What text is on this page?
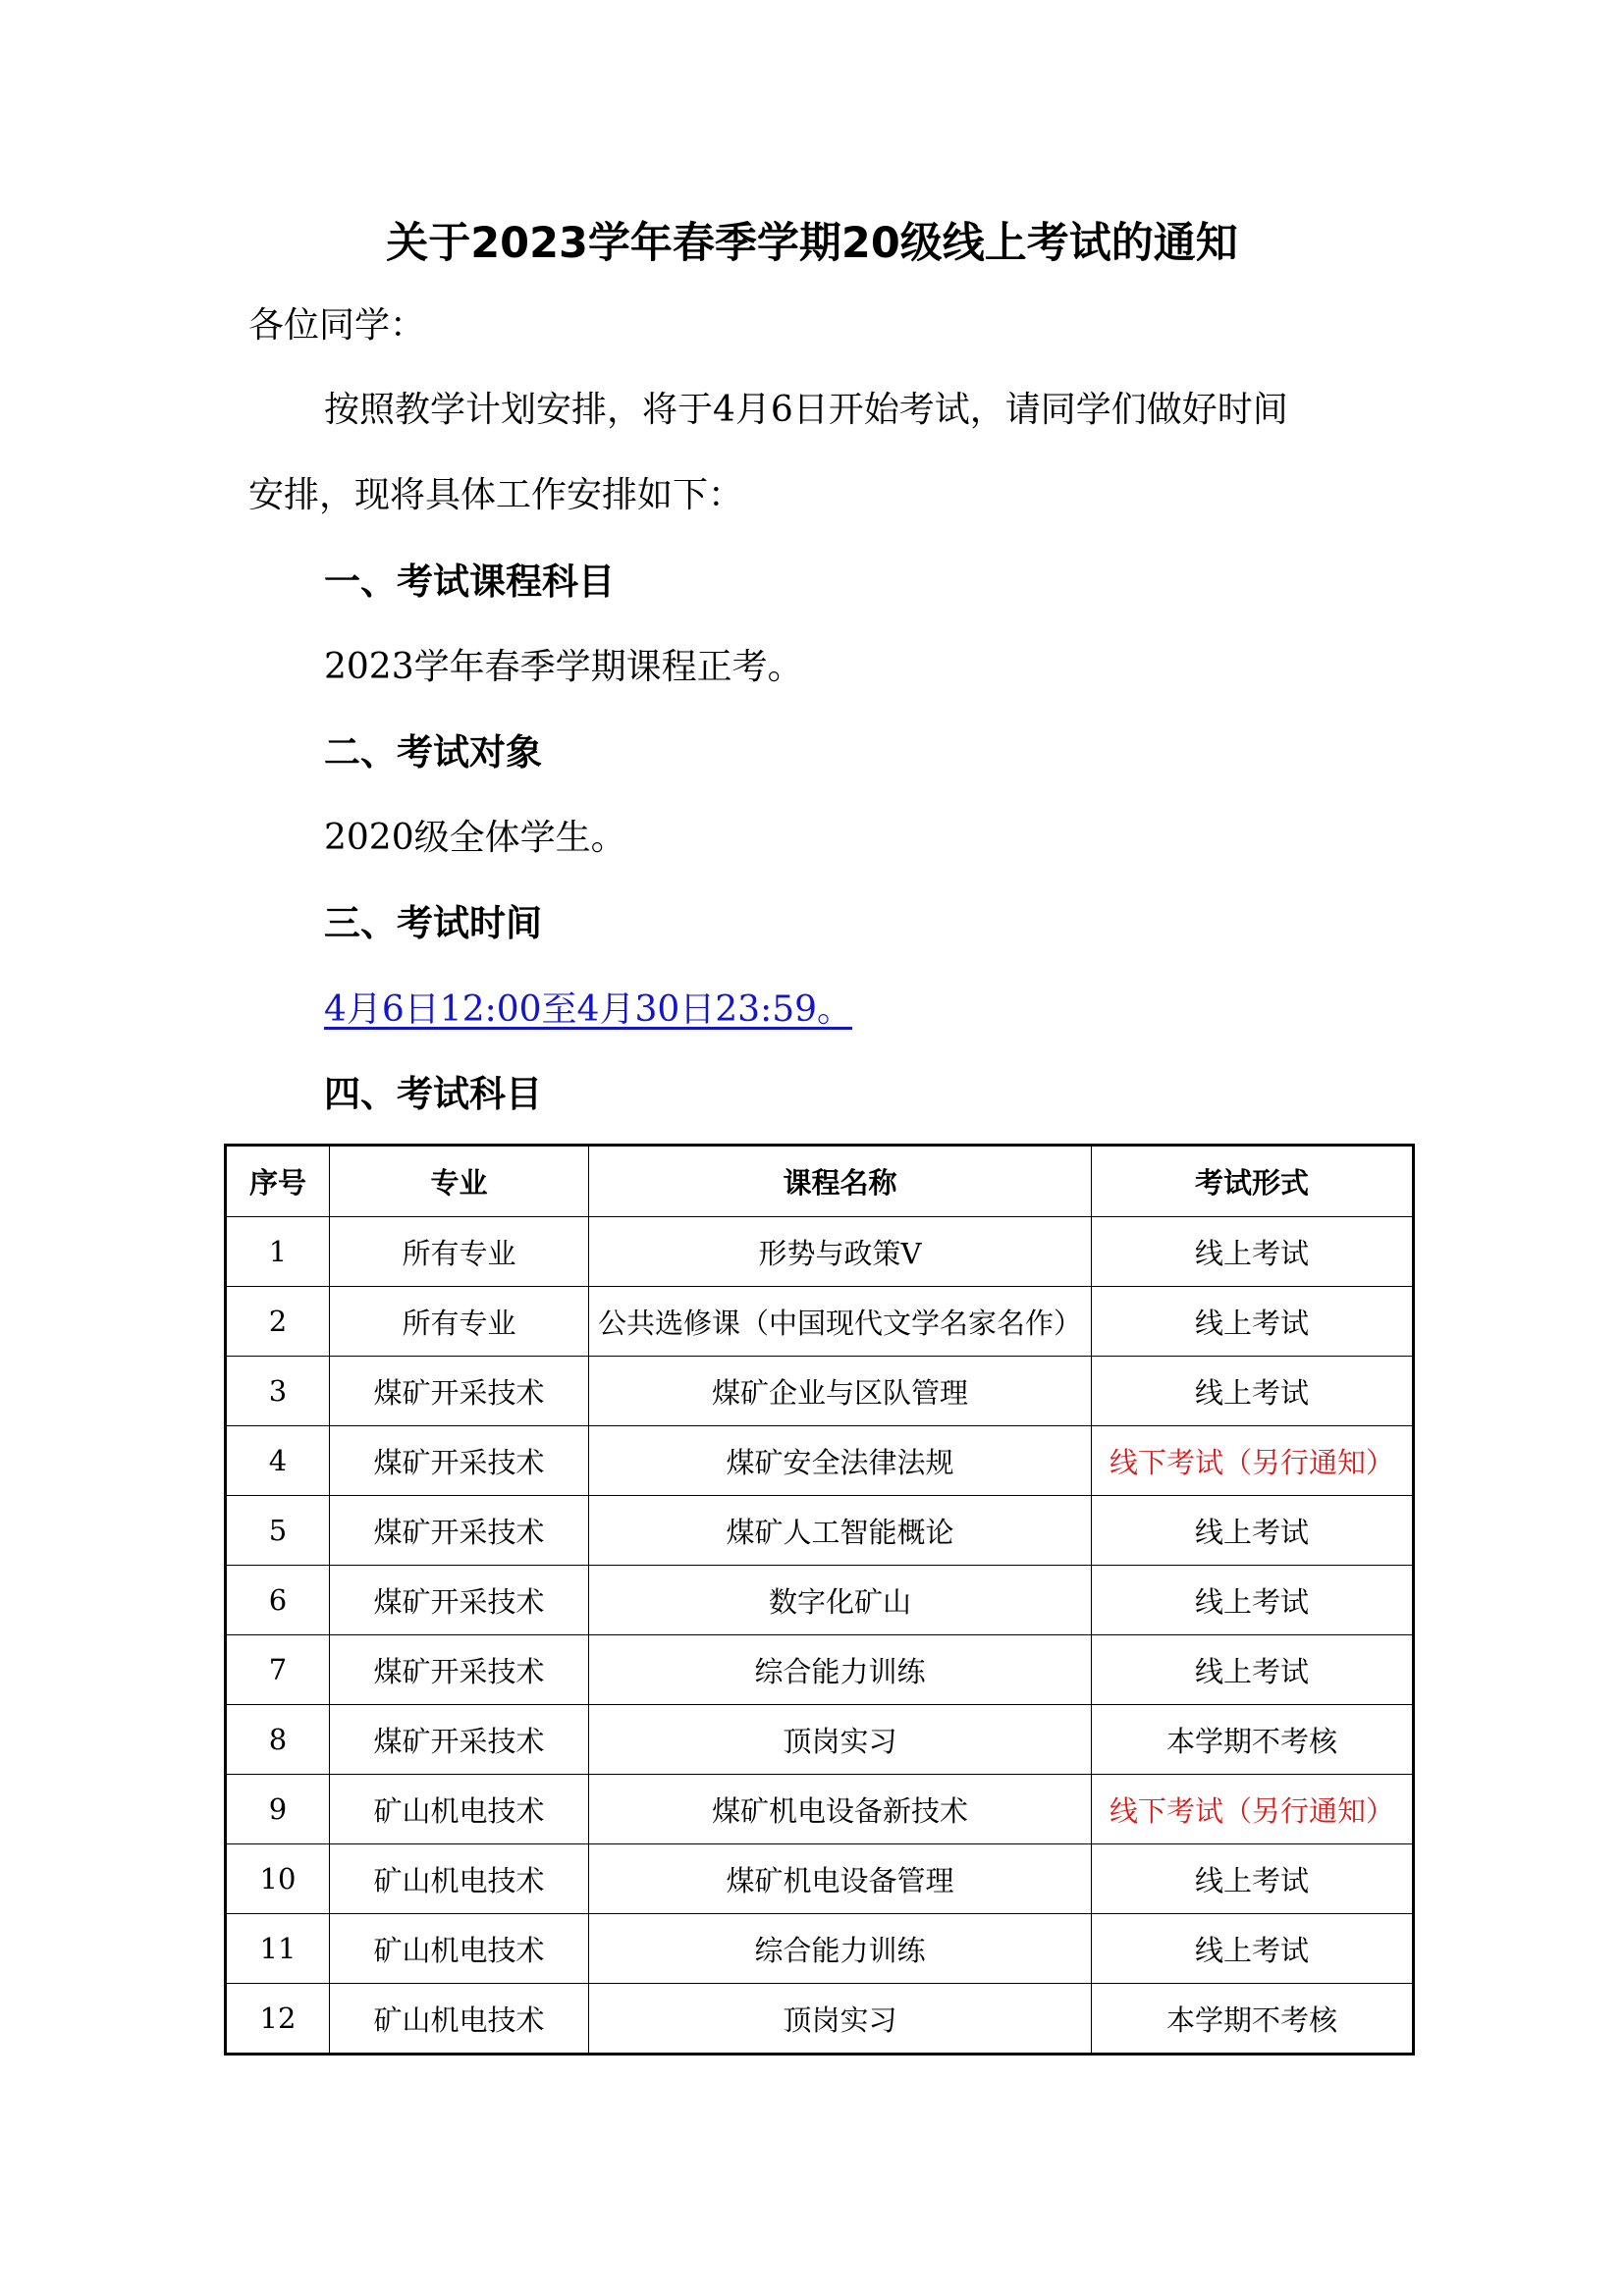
关于2023学年春季学期20级线上考试的通知
各位同学：
按照教学计划安排，将于4月6日开始考试，请同学们做好时间
安排，现将具体工作安排如下：
一、考试课程科目
2023学年春季学期课程正考。
二、考试对象
2020级全体学生。
三、考试时间
4月6日12:00至4月30日23:59。
四、考试科目
序号	专业	课程名称	考试形式
1	所有专业	形势与政策Ⅴ	线上考试
2	所有专业	公共选修课（中国现代文学名家名作）	线上考试
3	煤矿开采技术	煤矿企业与区队管理	线上考试
4	煤矿开采技术	煤矿安全法律法规	线下考试（另行通知）
5	煤矿开采技术	煤矿人工智能概论	线上考试
6	煤矿开采技术	数字化矿山	线上考试
7	煤矿开采技术	综合能力训练	线上考试
8	煤矿开采技术	顶岗实习	本学期不考核
9	矿山机电技术	煤矿机电设备新技术	线下考试（另行通知）
10	矿山机电技术	煤矿机电设备管理	线上考试
11	矿山机电技术	综合能力训练	线上考试
12	矿山机电技术	顶岗实习	本学期不考核
